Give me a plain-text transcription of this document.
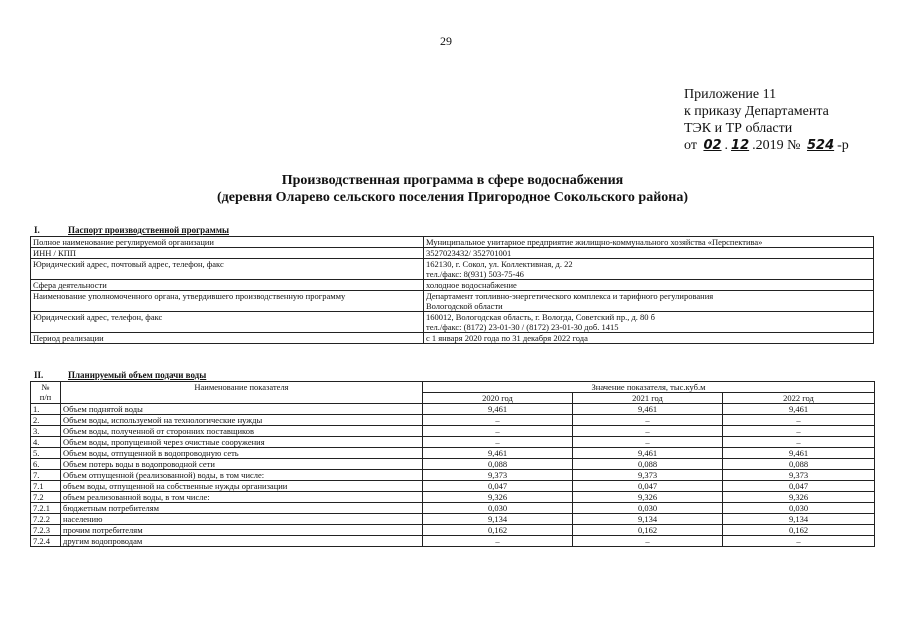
29
Приложение 11
к приказу Департамента
ТЭК и ТР области
от 02 . 12 .2019 № 524 -р
Производственная программа в сфере водоснабжения
(деревня Оларево сельского поселения Пригородное Сокольского района)
I.	Паспорт производственной программы
Полное наименование регулируемой организации	Муниципальное унитарное предприятие жилищно-коммунального хозяйства «Перспектива»

ИНН / КПП	3527023432/ 352701001

Юридический адрес, почтовый адрес, телефон, факс	162130, г. Сокол, ул. Коллективная, д. 22
тел./факс: 8(931) 503-75-46

Сфера деятельности	холодное водоснабжение

Наименование уполномоченного органа, утвердившего производственную программу	Департамент топливно-энергетического комплекса и тарифного регулирования
Вологодской области

Юридический адрес, телефон, факс	160012, Вологодская область, г. Вологда, Советский пр., д. 80 б
тел./факс: (8172) 23-01-30 / (8172) 23-01-30 доб. 1415

Период реализации	с 1 января 2020 года по 31 декабря 2022 года
II.	Планируемый объем подачи воды
№
п/п	Наименование показателя	Значение показателя, тыс.куб.м		
		2020 год	2021 год	2022 год
1.	Объем поднятой воды	9,461	9,461	9,461
2.	Объем воды, используемой на технологические нужды	–	–	–
3.	Объем воды, полученной от сторонних поставщиков	–	–	–
4.	Объем воды, пропущенной через очистные сооружения	–	–	–
5.	Объем воды, отпущенной в водопроводную сеть	9,461	9,461	9,461
6.	Объем потерь воды в водопроводной сети	0,088	0,088	0,088
7.	Объем отпущенной (реализованной) воды, в том числе:	9,373	9,373	9,373
7.1	объем воды, отпущенной на собственные нужды организации	0,047	0,047	0,047
7.2	объем реализованной воды, в том числе:	9,326	9,326	9,326
7.2.1	бюджетным потребителям	0,030	0,030	0,030
7.2.2	населению	9,134	9,134	9,134
7.2.3	прочим потребителям	0,162	0,162	0,162
7.2.4	другим водопроводам	–	–	–
